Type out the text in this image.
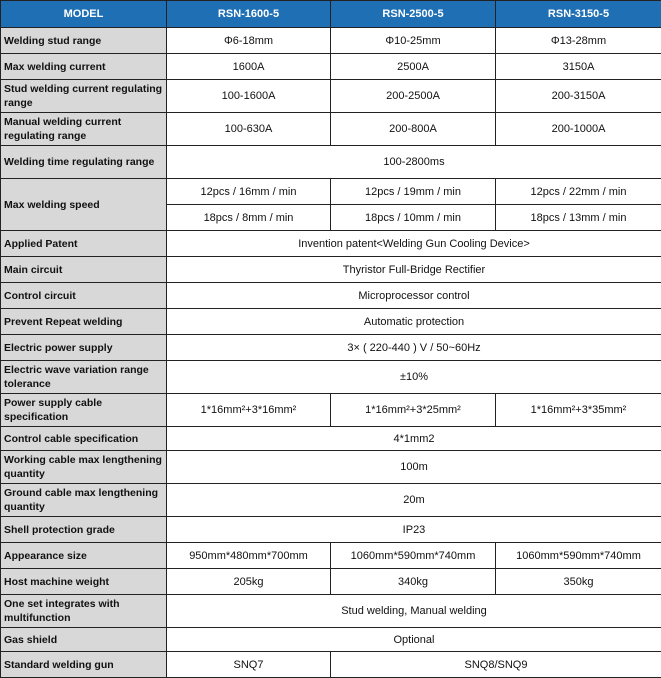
MODEL	RSN-1600-5	RSN-2500-5	RSN-3150-5
Welding stud range	Φ6-18mm	Φ10-25mm	Φ13-28mm
Max welding current	1600A	2500A	3150A
Stud welding current regulating range	100-1600A	200-2500A	200-3150A
Manual welding current regulating range	100-630A	200-800A	200-1000A
Welding time regulating range	100-2800ms		
Max welding speed	12pcs / 16mm / min	12pcs / 19mm / min	12pcs / 22mm / min
	18pcs / 8mm / min	18pcs / 10mm / min	18pcs / 13mm / min
Applied Patent	Invention patent<Welding Gun Cooling Device>		
Main circuit	Thyristor Full-Bridge Rectifier		
Control circuit	Microprocessor control		
Prevent Repeat welding	Automatic protection		
Electric power supply	3× ( 220-440 ) V / 50~60Hz		
Electric wave variation range tolerance	±10%		
Power supply cable specification	1*16mm²+3*16mm²	1*16mm²+3*25mm²	1*16mm²+3*35mm²
Control cable specification	4*1mm2		
Working cable max lengthening quantity	100m		
Ground cable max lengthening quantity	20m		
Shell protection grade	IP23		
Appearance size	950mm*480mm*700mm	1060mm*590mm*740mm	1060mm*590mm*740mm
Host machine weight	205kg	340kg	350kg
One set integrates with multifunction	Stud welding, Manual welding		
Gas shield	Optional		
Standard welding gun	SNQ7	SNQ8/SNQ9	
